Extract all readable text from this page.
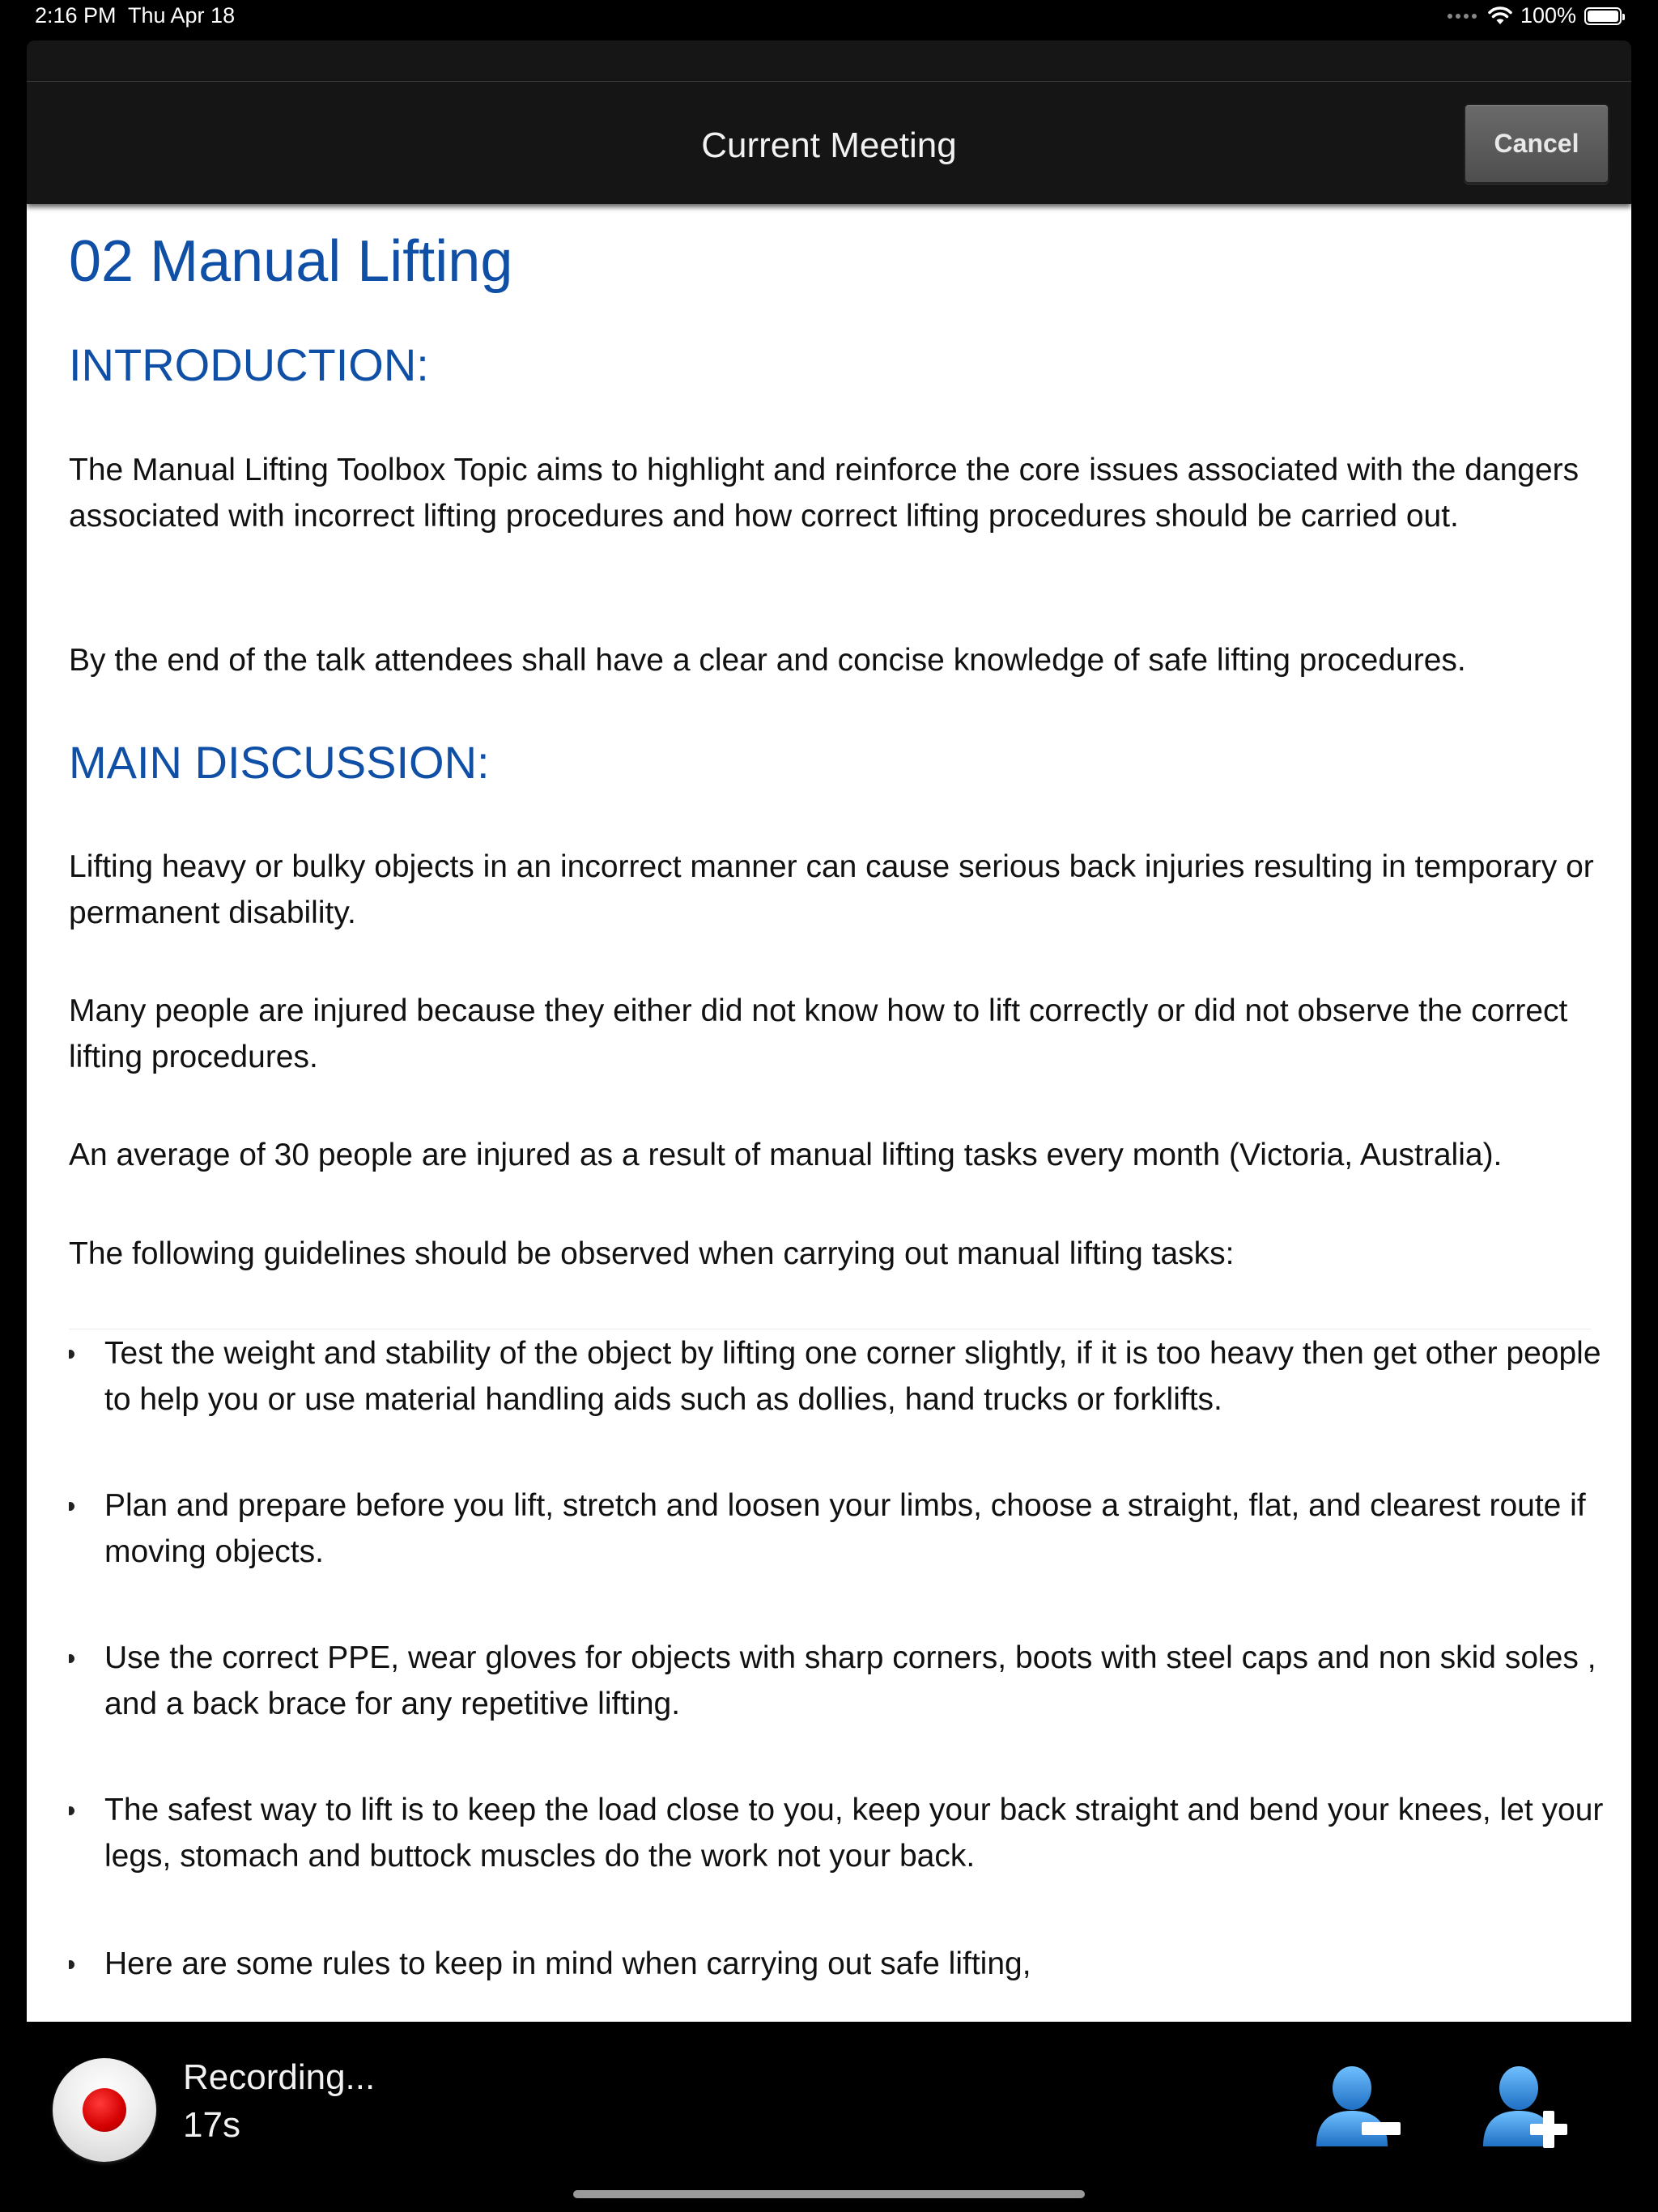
2:16 PM Thu Apr 18	100%
Current Meeting	Cancel
02 Manual Lifting
INTRODUCTION:

The Manual Lifting Toolbox Topic aims to highlight and reinforce the core issues associated with the dangers associated with incorrect lifting procedures and how correct lifting procedures should be carried out.

By the end of the talk attendees shall have a clear and concise knowledge of safe lifting procedures.

MAIN DISCUSSION:

Lifting heavy or bulky objects in an incorrect manner can cause serious back injuries resulting in temporary or permanent disability.

Many people are injured because they either did not know how to lift correctly or did not observe the correct lifting procedures.

An average of 30 people are injured as a result of manual lifting tasks every month (Victoria, Australia).

The following guidelines should be observed when carrying out manual lifting tasks:

Test the weight and stability of the object by lifting one corner slightly, if it is too heavy then get other people to help you or use material handling aids such as dollies, hand trucks or forklifts.
Plan and prepare before you lift, stretch and loosen your limbs, choose a straight, flat, and clearest route if moving objects.
Use the correct PPE, wear gloves for objects with sharp corners, boots with steel caps and non skid soles , and a back brace for any repetitive lifting.
The safest way to lift is to keep the load close to you, keep your back straight and bend your knees, let your legs, stomach and buttock muscles do the work not your back.
Here are some rules to keep in mind when carrying out safe lifting,
Recording...
17s
